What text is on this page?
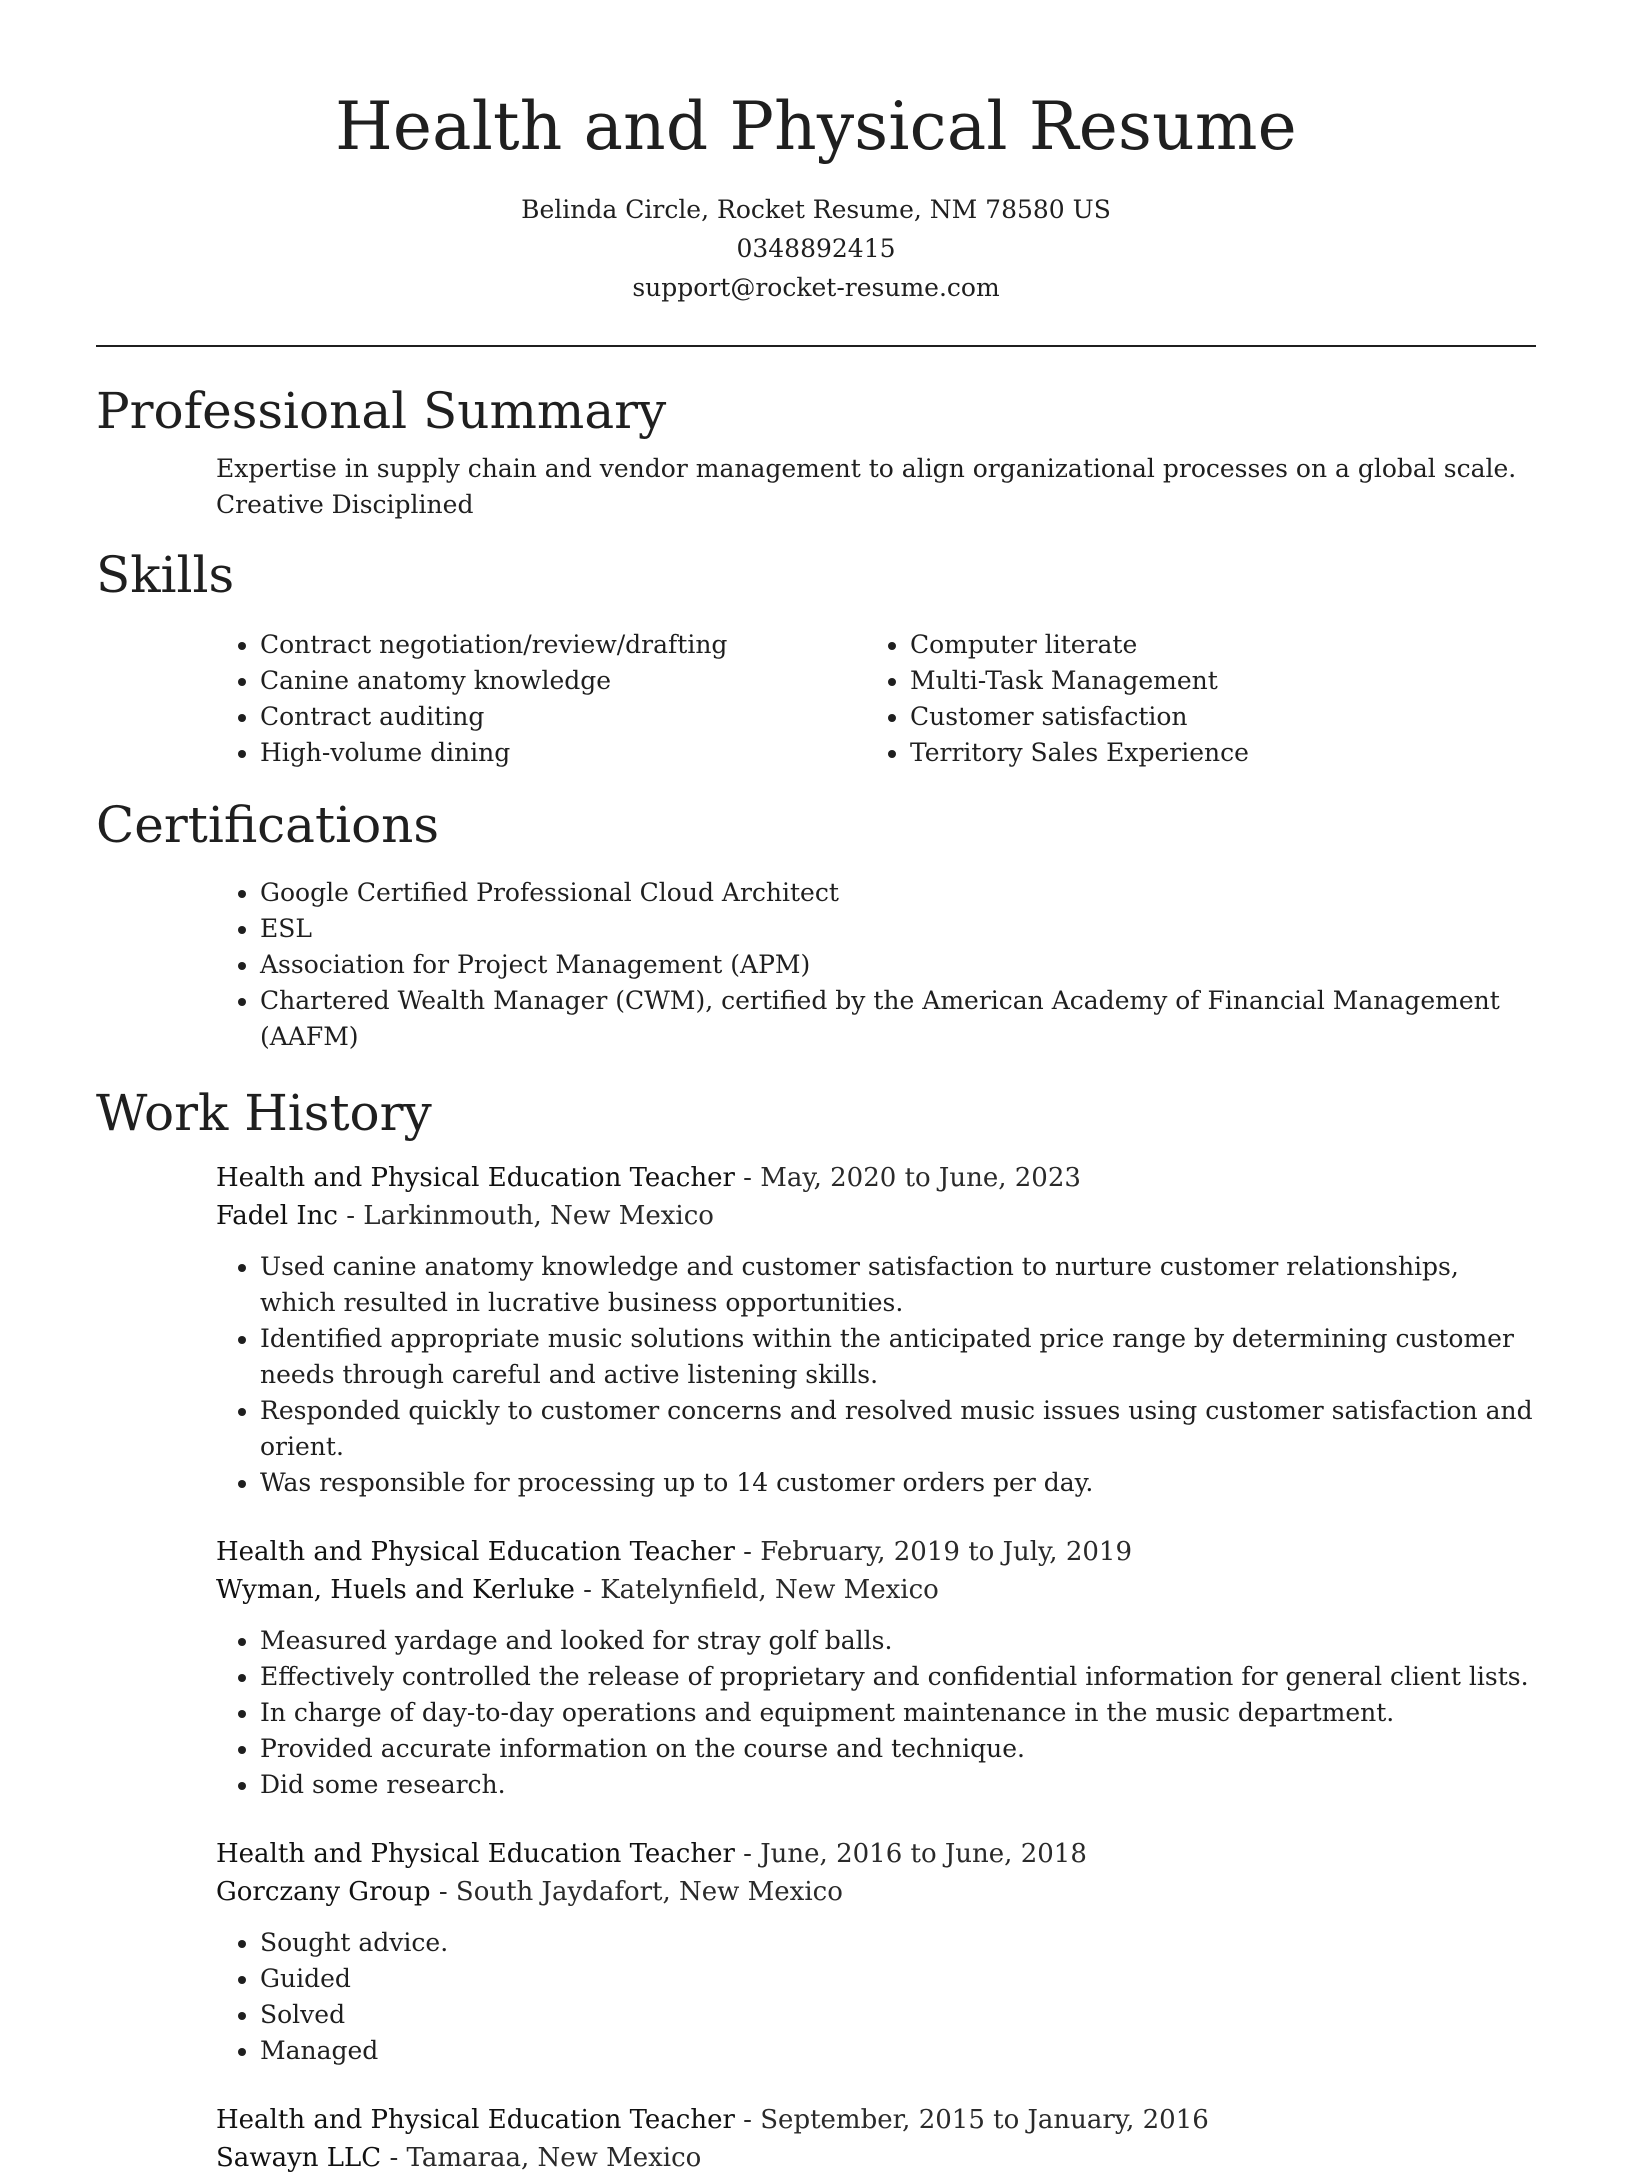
Health and Physical Resume
Belinda Circle, Rocket Resume, NM 78580 US
0348892415
support@rocket-resume.com
Professional Summary

Expertise in supply chain and vendor management to align organizational processes on a global scale. Creative Disciplined

Skills
• Contract negotiation/review/drafting
• Canine anatomy knowledge
• Contract auditing
• High-volume dining
• Computer literate
• Multi-Task Management
• Customer satisfaction
• Territory Sales Experience
Certifications
• Google Certified Professional Cloud Architect
• ESL
• Association for Project Management (APM)
• Chartered Wealth Manager (CWM), certified by the American Academy of Financial Management (AAFM)
Work History
Health and Physical Education Teacher - May, 2020 to June, 2023
Fadel Inc - Larkinmouth, New Mexico
• Used canine anatomy knowledge and customer satisfaction to nurture customer relationships, which resulted in lucrative business opportunities.
• Identified appropriate music solutions within the anticipated price range by determining customer needs through careful and active listening skills.
• Responded quickly to customer concerns and resolved music issues using customer satisfaction and orient.
• Was responsible for processing up to 14 customer orders per day.
Health and Physical Education Teacher - February, 2019 to July, 2019
Wyman, Huels and Kerluke - Katelynfield, New Mexico
• Measured yardage and looked for stray golf balls.
• Effectively controlled the release of proprietary and confidential information for general client lists.
• In charge of day-to-day operations and equipment maintenance in the music department.
• Provided accurate information on the course and technique.
• Did some research.
Health and Physical Education Teacher - June, 2016 to June, 2018
Gorczany Group - South Jaydafort, New Mexico
• Sought advice.
• Guided
• Solved
• Managed
Health and Physical Education Teacher - September, 2015 to January, 2016
Sawayn LLC - Tamaraa, New Mexico
